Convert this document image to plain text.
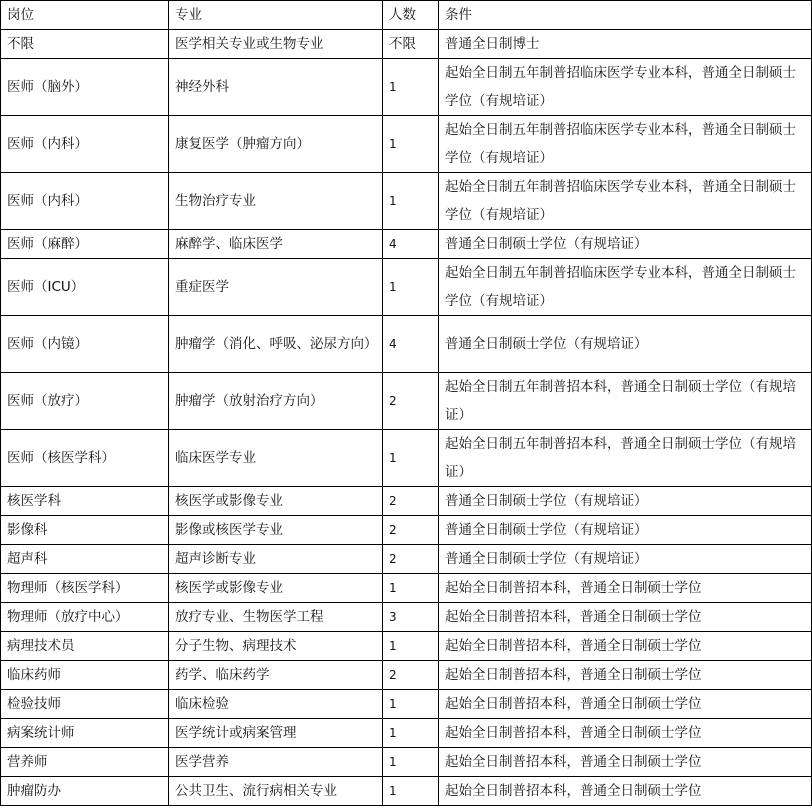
岗位	专业	人数	条件
不限	医学相关专业或生物专业	不限	普通全日制博士
医师（脑外）	神经外科	1	起始全日制五年制普招临床医学专业本科，普通全日制硕士学位（有规培证）
医师（内科）	康复医学（肿瘤方向）	1	起始全日制五年制普招临床医学专业本科，普通全日制硕士学位（有规培证）
医师（内科）	生物治疗专业	1	起始全日制五年制普招临床医学专业本科，普通全日制硕士学位（有规培证）
医师（麻醉）	麻醉学、临床医学	4	普通全日制硕士学位（有规培证）
医师（ICU）	重症医学	1	起始全日制五年制普招临床医学专业本科，普通全日制硕士学位（有规培证）
医师（内镜）	肿瘤学（消化、呼吸、泌尿方向）	4	普通全日制硕士学位（有规培证）
医师（放疗）	肿瘤学（放射治疗方向）	2	起始全日制五年制普招本科，普通全日制硕士学位（有规培证）
医师（核医学科）	临床医学专业	1	起始全日制五年制普招本科，普通全日制硕士学位（有规培证）
核医学科	核医学或影像专业	2	普通全日制硕士学位（有规培证）
影像科	影像或核医学专业	2	普通全日制硕士学位（有规培证）
超声科	超声诊断专业	2	普通全日制硕士学位（有规培证）
物理师（核医学科）	核医学或影像专业	1	起始全日制普招本科，普通全日制硕士学位
物理师（放疗中心）	放疗专业、生物医学工程	3	起始全日制普招本科，普通全日制硕士学位
病理技术员	分子生物、病理技术	1	起始全日制普招本科，普通全日制硕士学位
临床药师	药学、临床药学	2	起始全日制普招本科，普通全日制硕士学位
检验技师	临床检验	1	起始全日制普招本科，普通全日制硕士学位
病案统计师	医学统计或病案管理	1	起始全日制普招本科，普通全日制硕士学位
营养师	医学营养	1	起始全日制普招本科，普通全日制硕士学位
肿瘤防办	公共卫生、流行病相关专业	1	起始全日制普招本科，普通全日制硕士学位
